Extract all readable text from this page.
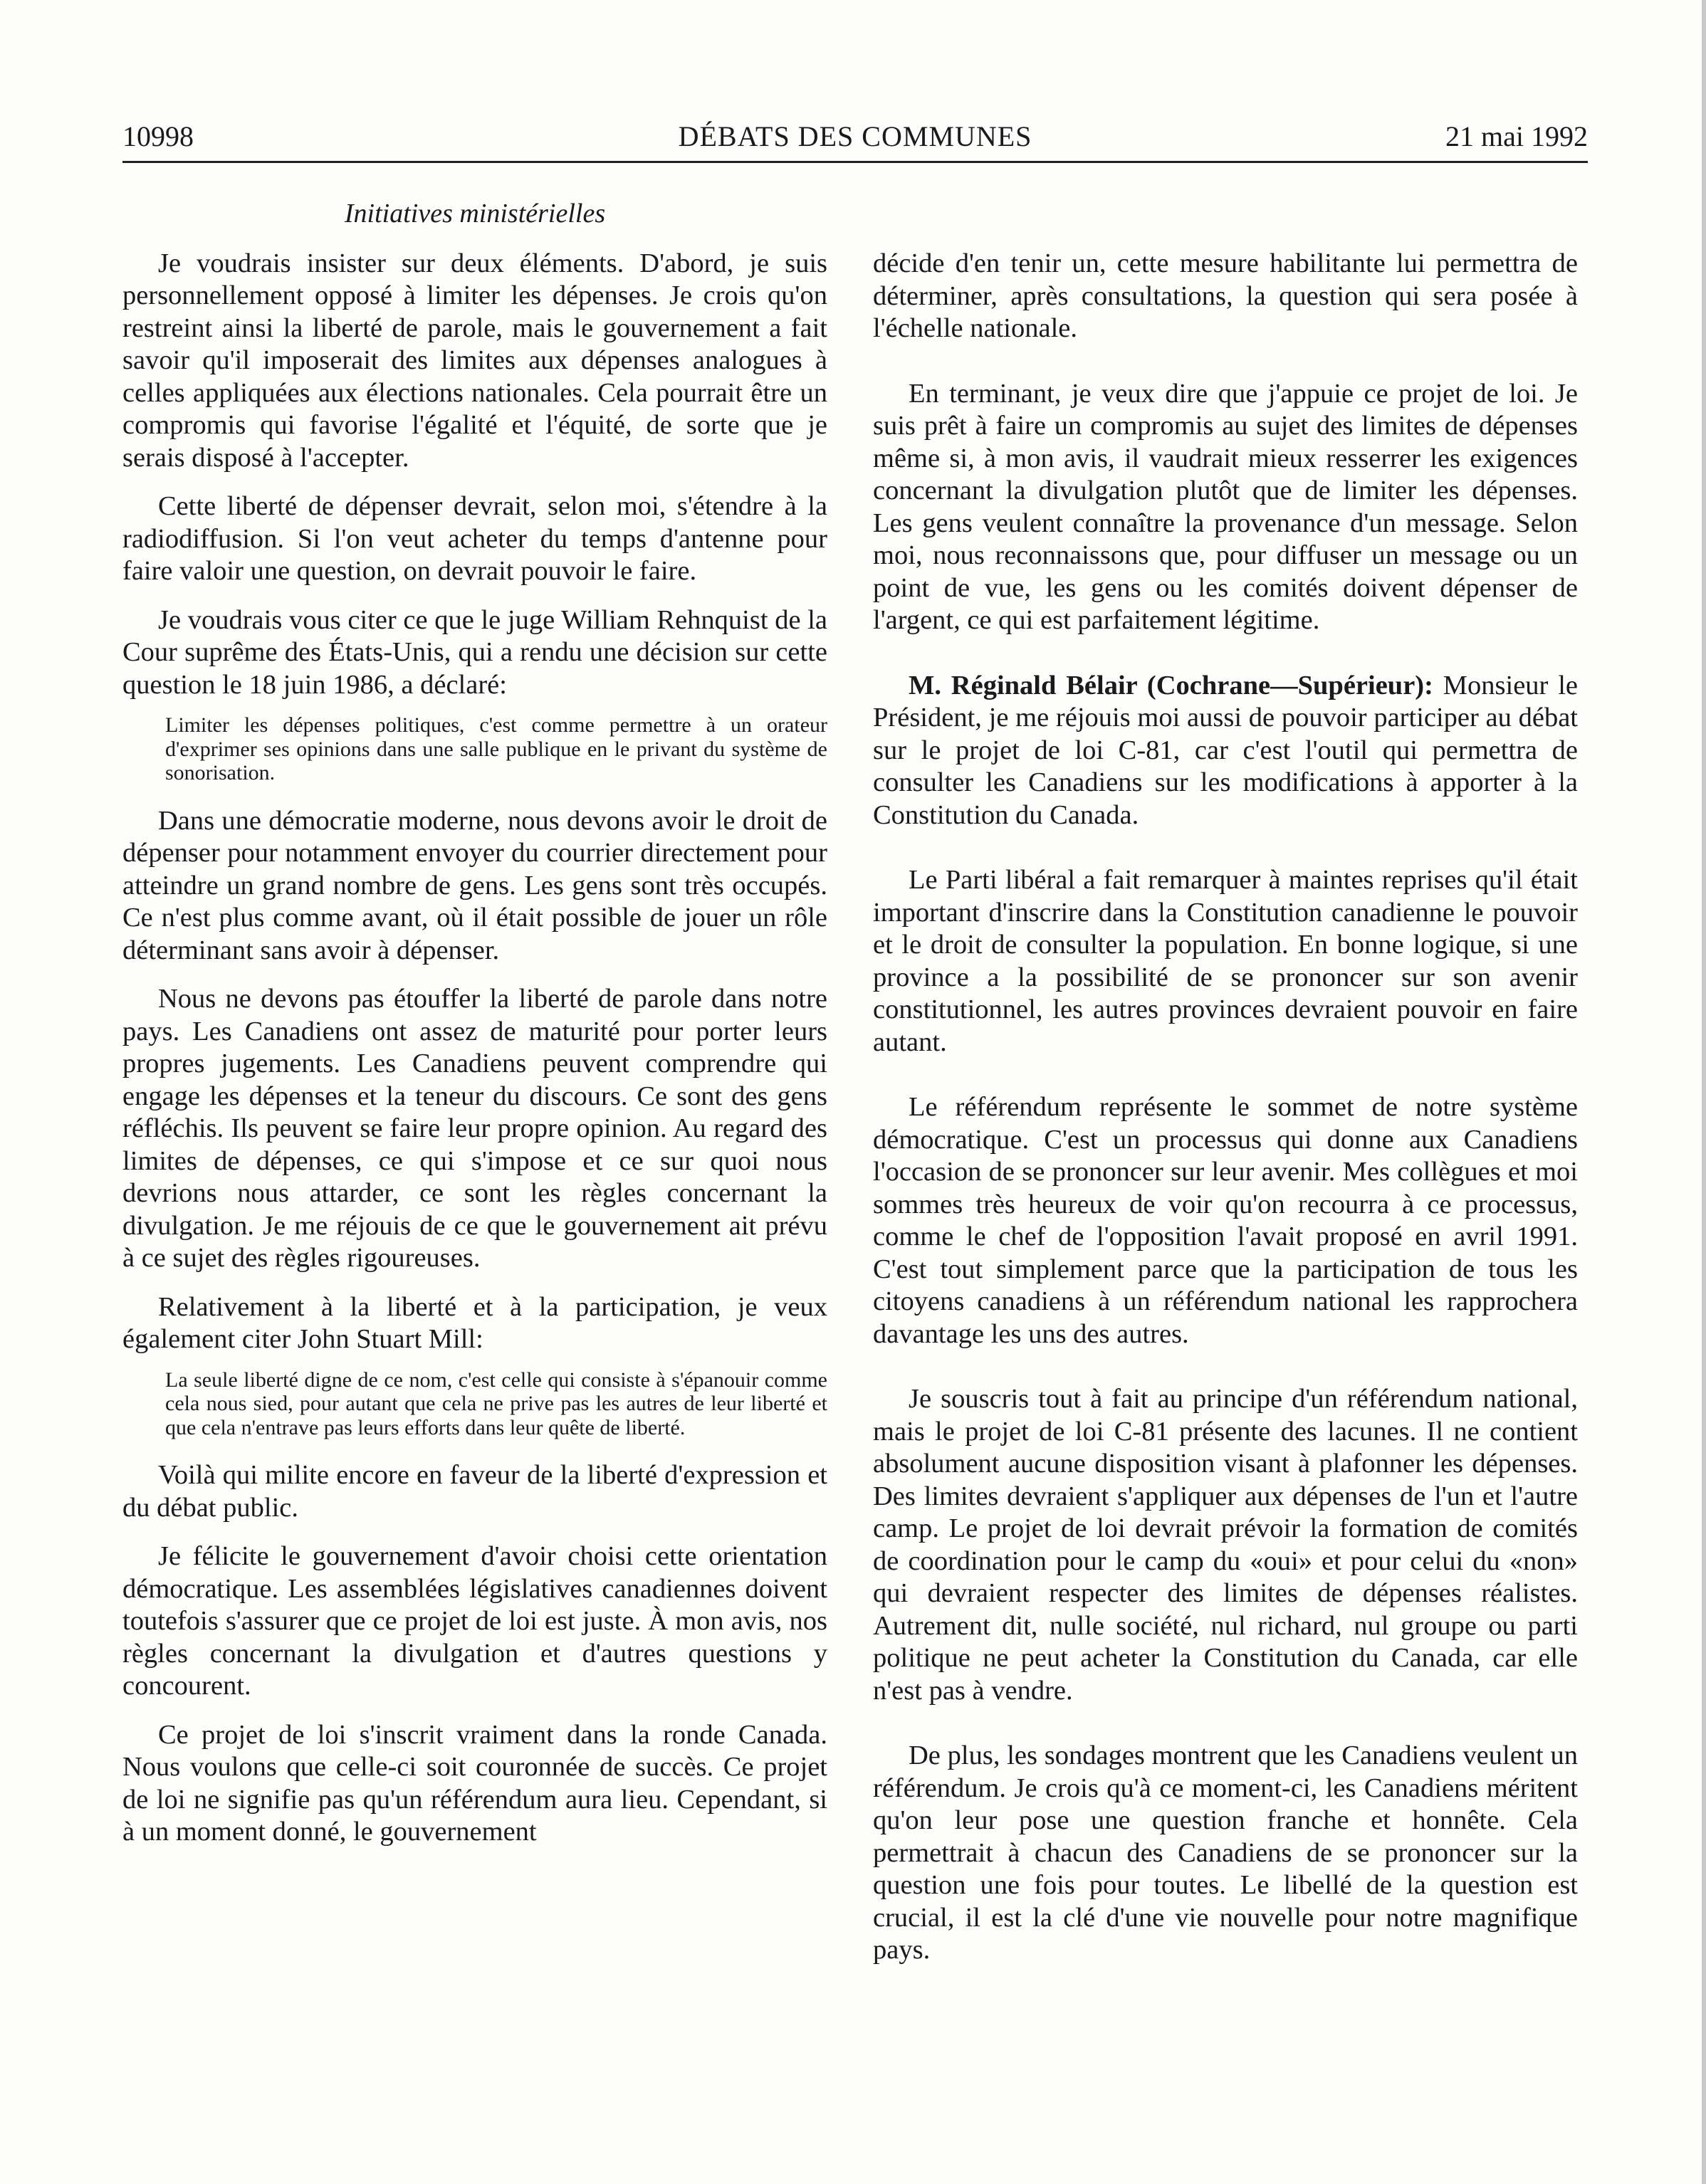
10998	DÉBATS DES COMMUNES	21 mai 1992
Initiatives ministérielles

Je voudrais insister sur deux éléments. D'abord, je suis personnellement opposé à limiter les dépenses. Je crois qu'on restreint ainsi la liberté de parole, mais le gouvernement a fait savoir qu'il imposerait des limites aux dépenses analogues à celles appliquées aux élections nationales. Cela pourrait être un compromis qui favorise l'égalité et l'équité, de sorte que je serais disposé à l'accepter.

Cette liberté de dépenser devrait, selon moi, s'étendre à la radiodiffusion. Si l'on veut acheter du temps d'antenne pour faire valoir une question, on devrait pouvoir le faire.

Je voudrais vous citer ce que le juge William Rehnquist de la Cour suprême des États-Unis, qui a rendu une décision sur cette question le 18 juin 1986, a déclaré:

Limiter les dépenses politiques, c'est comme permettre à un orateur d'exprimer ses opinions dans une salle publique en le privant du système de sonorisation.

Dans une démocratie moderne, nous devons avoir le droit de dépenser pour notamment envoyer du courrier directement pour atteindre un grand nombre de gens. Les gens sont très occupés. Ce n'est plus comme avant, où il était possible de jouer un rôle déterminant sans avoir à dépenser.

Nous ne devons pas étouffer la liberté de parole dans notre pays. Les Canadiens ont assez de maturité pour porter leurs propres jugements. Les Canadiens peuvent comprendre qui engage les dépenses et la teneur du discours. Ce sont des gens réfléchis. Ils peuvent se faire leur propre opinion. Au regard des limites de dépenses, ce qui s'impose et ce sur quoi nous devrions nous attarder, ce sont les règles concernant la divulgation. Je me réjouis de ce que le gouvernement ait prévu à ce sujet des règles rigoureuses.

Relativement à la liberté et à la participation, je veux également citer John Stuart Mill:

La seule liberté digne de ce nom, c'est celle qui consiste à s'épanouir comme cela nous sied, pour autant que cela ne prive pas les autres de leur liberté et que cela n'entrave pas leurs efforts dans leur quête de liberté.

Voilà qui milite encore en faveur de la liberté d'expression et du débat public.

Je félicite le gouvernement d'avoir choisi cette orientation démocratique. Les assemblées législatives canadiennes doivent toutefois s'assurer que ce projet de loi est juste. À mon avis, nos règles concernant la divulgation et d'autres questions y concourent.

Ce projet de loi s'inscrit vraiment dans la ronde Canada. Nous voulons que celle-ci soit couronnée de succès. Ce projet de loi ne signifie pas qu'un référendum aura lieu. Cependant, si à un moment donné, le gouvernement

décide d'en tenir un, cette mesure habilitante lui permettra de déterminer, après consultations, la question qui sera posée à l'échelle nationale.

En terminant, je veux dire que j'appuie ce projet de loi. Je suis prêt à faire un compromis au sujet des limites de dépenses même si, à mon avis, il vaudrait mieux resserrer les exigences concernant la divulgation plutôt que de limiter les dépenses. Les gens veulent connaître la provenance d'un message. Selon moi, nous reconnaissons que, pour diffuser un message ou un point de vue, les gens ou les comités doivent dépenser de l'argent, ce qui est parfaitement légitime.

M. Réginald Bélair (Cochrane—Supérieur): Monsieur le Président, je me réjouis moi aussi de pouvoir participer au débat sur le projet de loi C-81, car c'est l'outil qui permettra de consulter les Canadiens sur les modifications à apporter à la Constitution du Canada.

Le Parti libéral a fait remarquer à maintes reprises qu'il était important d'inscrire dans la Constitution canadienne le pouvoir et le droit de consulter la population. En bonne logique, si une province a la possibilité de se prononcer sur son avenir constitutionnel, les autres provinces devraient pouvoir en faire autant.

Le référendum représente le sommet de notre système démocratique. C'est un processus qui donne aux Canadiens l'occasion de se prononcer sur leur avenir. Mes collègues et moi sommes très heureux de voir qu'on recourra à ce processus, comme le chef de l'opposition l'avait proposé en avril 1991. C'est tout simplement parce que la participation de tous les citoyens canadiens à un référendum national les rapprochera davantage les uns des autres.

Je souscris tout à fait au principe d'un référendum national, mais le projet de loi C-81 présente des lacunes. Il ne contient absolument aucune disposition visant à plafonner les dépenses. Des limites devraient s'appliquer aux dépenses de l'un et l'autre camp. Le projet de loi devrait prévoir la formation de comités de coordination pour le camp du «oui» et pour celui du «non» qui devraient respecter des limites de dépenses réalistes. Autrement dit, nulle société, nul richard, nul groupe ou parti politique ne peut acheter la Constitution du Canada, car elle n'est pas à vendre.

De plus, les sondages montrent que les Canadiens veulent un référendum. Je crois qu'à ce moment-ci, les Canadiens méritent qu'on leur pose une question franche et honnête. Cela permettrait à chacun des Canadiens de se prononcer sur la question une fois pour toutes. Le libellé de la question est crucial, il est la clé d'une vie nouvelle pour notre magnifique pays.
